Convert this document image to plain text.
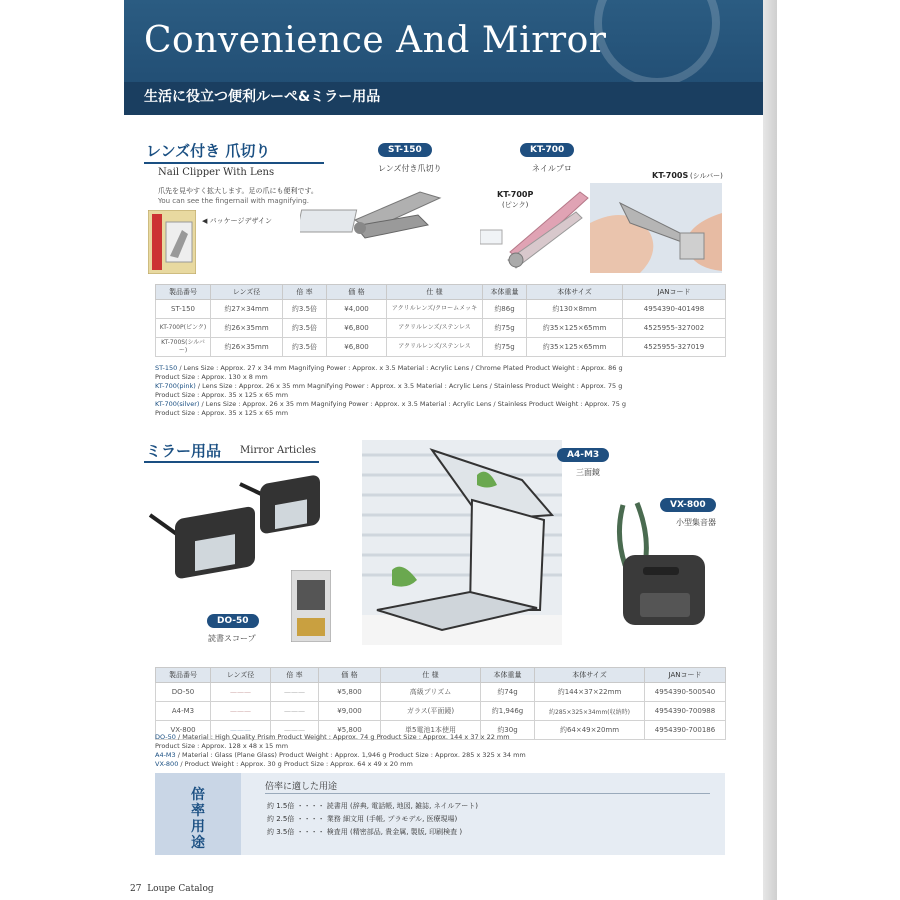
Convenience And Mirror
生活に役立つ便利ルーペ&ミラー用品
レンズ付き 爪切り
Nail Clipper With Lens
爪先を見やすく拡大します。足の爪にも便利です。
You can see the fingernail with magnifying.
◀ パッケージデザイン
ST-150
レンズ付き爪切り
KT-700
ネイルプロ
KT-700P
(ピンク)
KT-700S (シルバー)
製品番号	レンズ径	倍 率	価 格	仕 様	本体重量	本体サイズ	JANコード
ST-150	約27×34mm	約3.5倍	¥4,000	アクリルレンズ/クロームメッキ	約86g	約130×8mm	4954390-401498
KT-700P(ピンク)	約26×35mm	約3.5倍	¥6,800	アクリルレンズ/ステンレス	約75g	約35×125×65mm	4525955-327002
KT-700S(シルバー)	約26×35mm	約3.5倍	¥6,800	アクリルレンズ/ステンレス	約75g	約35×125×65mm	4525955-327019
ST-150 / Lens Size : Approx. 27 x 34 mm Magnifying Power : Approx. x 3.5 Material : Acrylic Lens / Chrome Plated Product Weight : Approx. 86 g
Product Size : Approx. 130 x 8 mm
KT-700(pink) / Lens Size : Approx. 26 x 35 mm Magnifying Power : Approx. x 3.5 Material : Acrylic Lens / Stainless Product Weight : Approx. 75 g
Product Size : Approx. 35 x 125 x 65 mm
KT-700(silver) / Lens Size : Approx. 26 x 35 mm Magnifying Power : Approx. x 3.5 Material : Acrylic Lens / Stainless Product Weight : Approx. 75 g
Product Size : Approx. 35 x 125 x 65 mm
ミラー用品 Mirror Articles
DO-50
読書スコープ
A4-M3
三面鏡
VX-800
小型集音器
製品番号	レンズ径	倍 率	価 格	仕 様	本体重量	本体サイズ	JANコード
DO-50	———	———	¥5,800	高級プリズム	約74g	約144×37×22mm	4954390-500540
A4-M3	———	———	¥9,000	ガラス(平面鏡)	約1,946g	約285×325×34mm(収納時)	4954390-700988
VX-800	———	———	¥5,800	単5電池1本使用	約30g	約64×49×20mm	4954390-700186
DO-50 / Material : High Quality Prism Product Weight : Approx. 74 g Product Size : Approx. 144 x 37 x 22 mm
Product Size : Approx. 128 x 48 x 15 mm
A4-M3 / Material : Glass (Plane Glass) Product Weight : Approx. 1,946 g Product Size : Approx. 285 x 325 x 34 mm
VX-800 / Product Weight : Approx. 30 g Product Size : Approx. 64 x 49 x 20 mm
倍率用途
倍率に適した用途
約 1.5倍 ・・・・ 読書用 (辞典, 電話帳, 地図, 雑誌, ネイルアート)
約 2.5倍 ・・・・ 業務 細文用 (手帳, プラモデル, 医療現場)
約 3.5倍 ・・・・ 検査用 (精密部品, 貴金属, 製版, 印刷検査 )
27 Loupe Catalog
